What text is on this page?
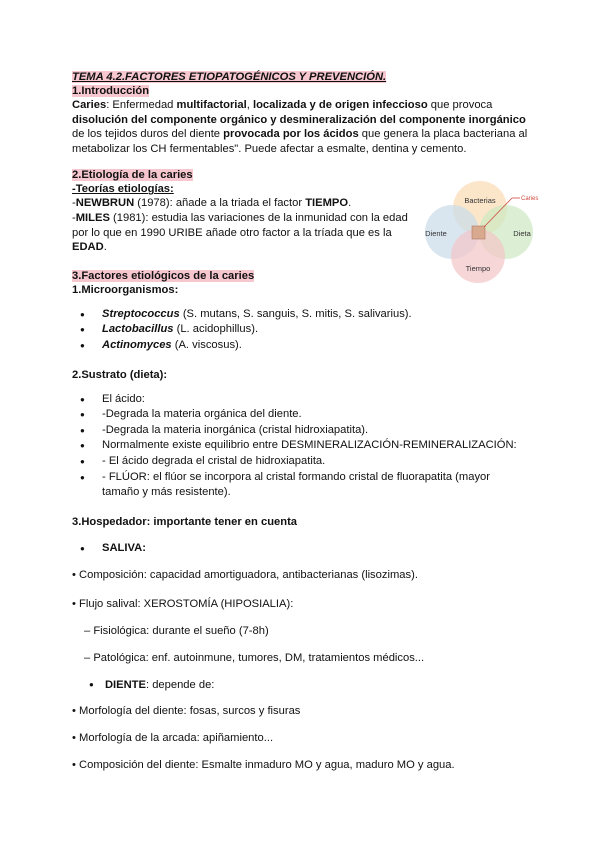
TEMA 4.2.FACTORES ETIOPATOGÉNICOS Y PREVENCIÓN.
1.Introducción

Caries: Enfermedad multifactorial, localizada y de origen infeccioso que provoca

disolución del componente orgánico y desmineralización del componente inorgánico

de los tejidos duros del diente provocada por los ácidos que genera la placa bacteriana al

metabolizar los CH fermentables". Puede afectar a esmalte, dentina y cemento.

2.Etiología de la caries
-Teorías etiologías:

-NEWBRUN (1978): añade a la triada el factor TIEMPO.

-MILES (1981): estudia las variaciones de la inmunidad con la edad

por lo que en 1990 URIBE añade otro factor a la tríada que es la

EDAD.

3.Factores etiológicos de la caries
1.Microorganismos:
● Streptococcus (S. mutans, S. sanguis, S. mitis, S. salivarius).
● Lactobacillus (L. acidophillus).
● Actinomyces (A. viscosus).
2.Sustrato (dieta):
● El ácido:
● -Degrada la materia orgánica del diente.
● -Degrada la materia inorgánica (cristal hidroxiapatita).
● Normalmente existe equilibrio entre DESMINERALIZACIÓN-REMINERALIZACIÓN:
● - El ácido degrada el cristal de hidroxiapatita.
● - FLÚOR: el flúor se incorpora al cristal formando cristal de fluorapatita (mayor
tamaño y más resistente).
3.Hospedador: importante tener en cuenta
● SALIVA:

• Composición: capacidad amortiguadora, antibacterianas (lisozimas).

• Flujo salival: XEROSTOMÍA (HIPOSIALIA):

– Fisiológica: durante el sueño (7-8h)

– Patológica: enf. autoinmune, tumores, DM, tratamientos médicos...

● DIENTE: depende de:

• Morfología del diente: fosas, surcos y fisuras

• Morfología de la arcada: apiñamiento...

• Composición del diente: Esmalte inmaduro MO y agua, maduro MO y agua.

Caries
Bacterias
Diente	Dieta
Tiempo
